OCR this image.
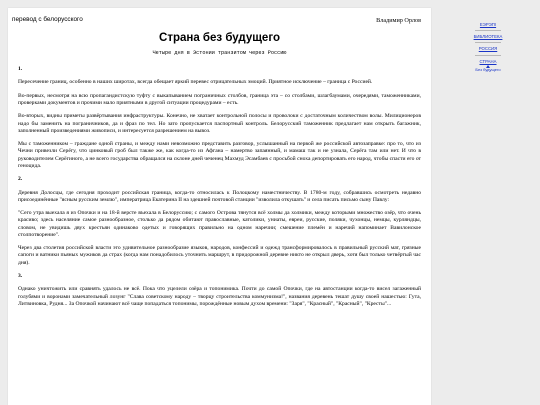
перевод с белорусского	Владимир Орлов
Страна без будущего
Четыре дня в Эстонии транзитом через Россию

1.

Пересечение границ, особенно в наших широтах, всегда обещает яркий перевес отрицательных эмоций. Приятное исключение – граница с Россией.

Во-первых, несмотря на всю пропагандистскую туфту с выкапыванием пограничных столбов, граница эта – со столбами, шлагбаумами, очередями, таможенниками, проверками документов и прочими мало приятными в другой ситуации процедурами – есть.

Во-вторых, видны приметы развёртывания инфраструктуры. Конечно, не хватает контрольной полосы и проволоки с достаточным количеством волы. Милиционеров надо бы заменить на пограничников, да и фраз по тел. Но зато пропускается паспортный контроль. Белорусский таможенник предлагает нам открыть багажник, заполненный произведениями живописи, и интересуется разрешением на вывоз.

Мы с таможенником – граждане одной страны, и между нами невозможно представить разговор, услышанный на первой же российской автозаправке: про то, что из Чечни привезли Серёгу, что цинковый гроб был также же, как когда-то из Афгана – намертво запаянный, и мамаш так и не узнала, Серёга там или нет. И что в руководителем Серёгиного, а не всего государства обращался на склоне дней чеченец Махмуд Эсамбаев с просьбой сноха депортировать его народ, чтобы спасти его от геноцида.

2.

Деревня Долосцы, где сегодня проходит российская граница, когда-то относилась к Полоцкому наместничеству. В 1780-м году, собравшись осмотреть недавно присоединённые "ясным русским землю", императрица Екатерина II на здешней почтовой станции "изволила откушать" и села писать письмо сыну Павлу:

"Сего утра выехала я из Опочки и на 18-й версте въехала в Белоруссию; с самого Острова тянутся всё холмы да холмики, между которыми множество озёр, что очень красиво; здесь населяние самое разнообразное, столько да рядом обитают православные, католики, униаты, евреи, русские, поляки, чухонцы, немцы, курляндцы, словом, не увидишь двух крестьян одинаково одетых и говорящих правильно на одном наречии; смешение племён и наречий напоминает Вавилонское столпотворение".

Через два столетия российской власти это удивительное разнообразие языков, народов, конфессий и одежд трансформировалось в правильный русский мат, грязные сапоги и ватники пьяных мужиков да страх (когда нам понадобилось уточнить маршрут, в придорожной деревне никто не открыл дверь, хотя был только четвёртый час дня).

3.

Однако уничтожить или сравнять удалось не всё. Пока что уцелели озёра и топонимика. Почти до самой Опочки, где на автостанции когда-то висел загаженный голубями и воронами замечательный лозунг "Слава советскому народу – творцу строительства коммунизма!", названия деревень тешат душу своей нашестью: Гута, Литвиновка, Рудня... За Опочкой начинают всё чаще попадаться топонимы, порождённые новым духом времени: "Заря", "Красный", "Красный", "Кресты"...

ЕЭРЭПІ
БИБЛИОТЕКА
РОССИЯ
СТРАНА
Без будущего
